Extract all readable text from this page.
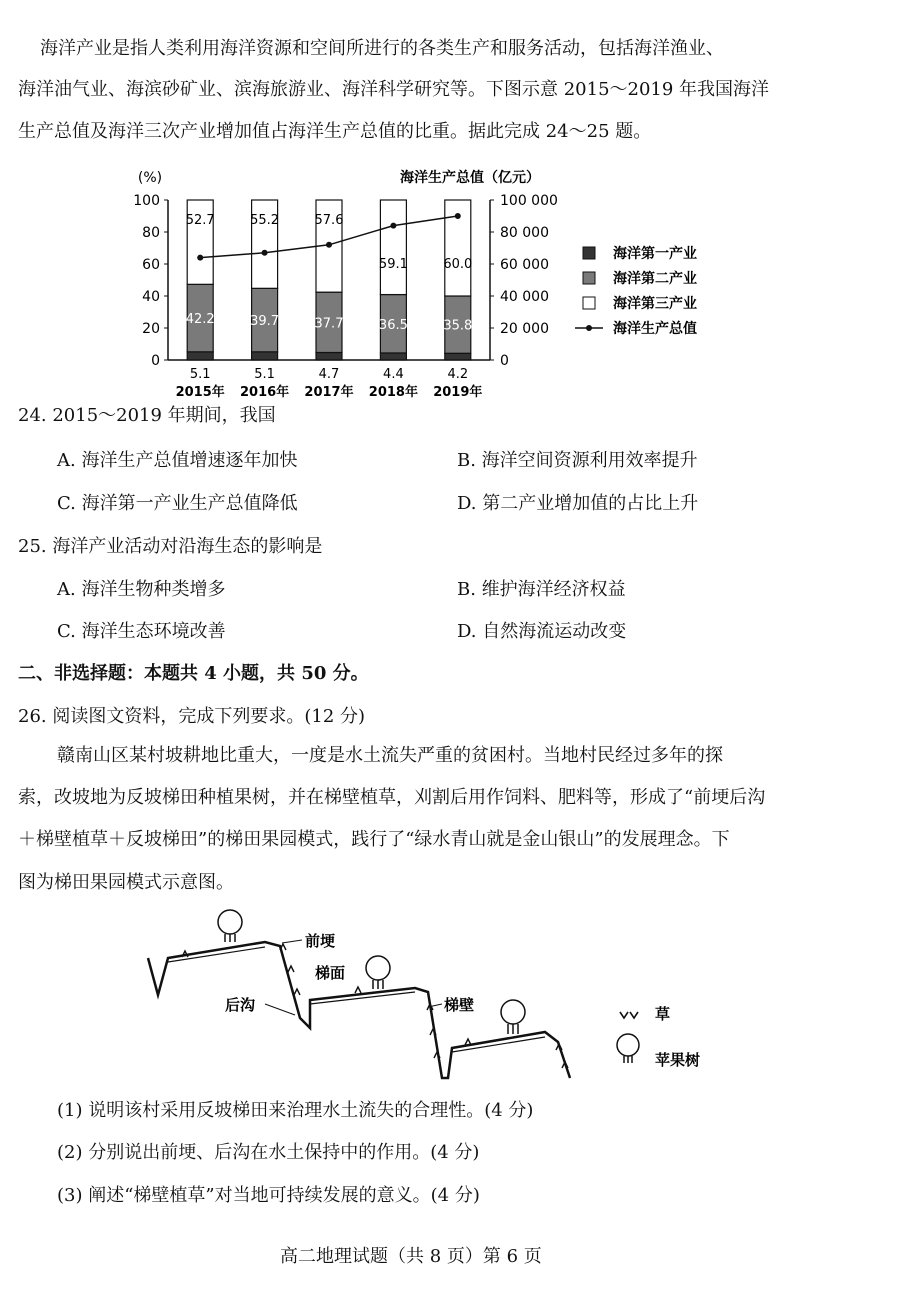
海洋产业是指人类利用海洋资源和空间所进行的各类生产和服务活动，包括海洋渔业、
海洋油气业、海滨砂矿业、滨海旅游业、海洋科学研究等。下图示意 2015～2019 年我国海洋
生产总值及海洋三次产业增加值占海洋生产总值的比重。据此完成 24～25 题。
(%)	海洋生产总值（亿元）
0
20
40
60
80
100
0
20 000
40 000
60 000
80 000
100 000
5.1
42.2
52.7
2015年
5.1
39.7
55.2
2016年
4.7
37.7
57.6
2017年
4.4
36.5
59.1
2018年
4.2
35.8
60.0
2019年
海洋第一产业
海洋第二产业
海洋第三产业
海洋生产总值
24. 2015～2019 年期间，我国
A. 海洋生产总值增速逐年加快	B. 海洋空间资源利用效率提升
C. 海洋第一产业生产总值降低	D. 第二产业增加值的占比上升
25. 海洋产业活动对沿海生态的影响是
A. 海洋生物种类增多	B. 维护海洋经济权益
C. 海洋生态环境改善	D. 自然海流运动改变
二、非选择题：本题共 4 小题，共 50 分。
26. 阅读图文资料，完成下列要求。(12 分)
赣南山区某村坡耕地比重大，一度是水土流失严重的贫困村。当地村民经过多年的探
索，改坡地为反坡梯田种植果树，并在梯壁植草，刈割后用作饲料、肥料等，形成了“前埂后沟
＋梯壁植草＋反坡梯田”的梯田果园模式，践行了“绿水青山就是金山银山”的发展理念。下
图为梯田果园模式示意图。
前埂
梯面
后沟	梯壁	草
苹果树
(1) 说明该村采用反坡梯田来治理水土流失的合理性。(4 分)
(2) 分别说出前埂、后沟在水土保持中的作用。(4 分)
(3) 阐述“梯壁植草”对当地可持续发展的意义。(4 分)
高二地理试题（共 8 页）第 6 页
